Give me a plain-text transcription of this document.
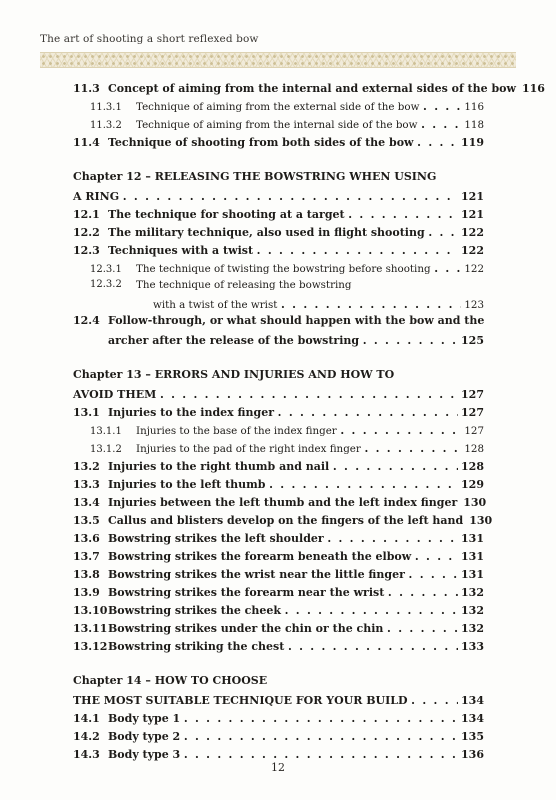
The art of shooting a short reflexed bow
11.3 Concept of aiming from the internal and external sides of the bow 116
11.3.1	Technique of aiming from the external side of the bow . . .	116
11.3.2	Technique of aiming from the internal side of the bow . . .	118
11.4 Technique of shooting from both sides of the bow . . .	119
Chapter 12 – RELEASING THE BOWSTRING WHEN USING
A RING . . .	121
12.1 The technique for shooting at a target . . .	121
12.2 The military technique, also used in flight shooting . . .	122
12.3 Techniques with a twist . . .	122
12.3.1	The technique of twisting the bowstring before shooting . . .	122
12.3.2	The technique of releasing the bowstring
with a twist of the wrist . . .	123
12.4 Follow-through, or what should happen with the bow and the
archer after the release of the bowstring . . .	125
Chapter 13 – ERRORS AND INJURIES AND HOW TO
AVOID THEM . . .	127
13.1 Injuries to the index finger . . .	127
13.1.1	Injuries to the base of the index finger . . .	127
13.1.2	Injuries to the pad of the right index finger . . .	128
13.2 Injuries to the right thumb and nail . . .	128
13.3 Injuries to the left thumb . . .	129
13.4 Injuries between the left thumb and the left index finger 130
13.5 Callus and blisters develop on the fingers of the left hand 130
13.6 Bowstring strikes the left shoulder . . .	131
13.7 Bowstring strikes the forearm beneath the elbow . . .	131
13.8 Bowstring strikes the wrist near the little finger . . .	131
13.9 Bowstring strikes the forearm near the wrist . . .	132
13.10 Bowstring strikes the cheek . . .	132
13.11 Bowstring strikes under the chin or the chin . . .	132
13.12 Bowstring striking the chest . . .	133
Chapter 14 – HOW TO CHOOSE
THE MOST SUITABLE TECHNIQUE FOR YOUR BUILD . . .	134
14.1 Body type 1 . . .	134
14.2 Body type 2 . . .	135
14.3 Body type 3 . . .	136
12
